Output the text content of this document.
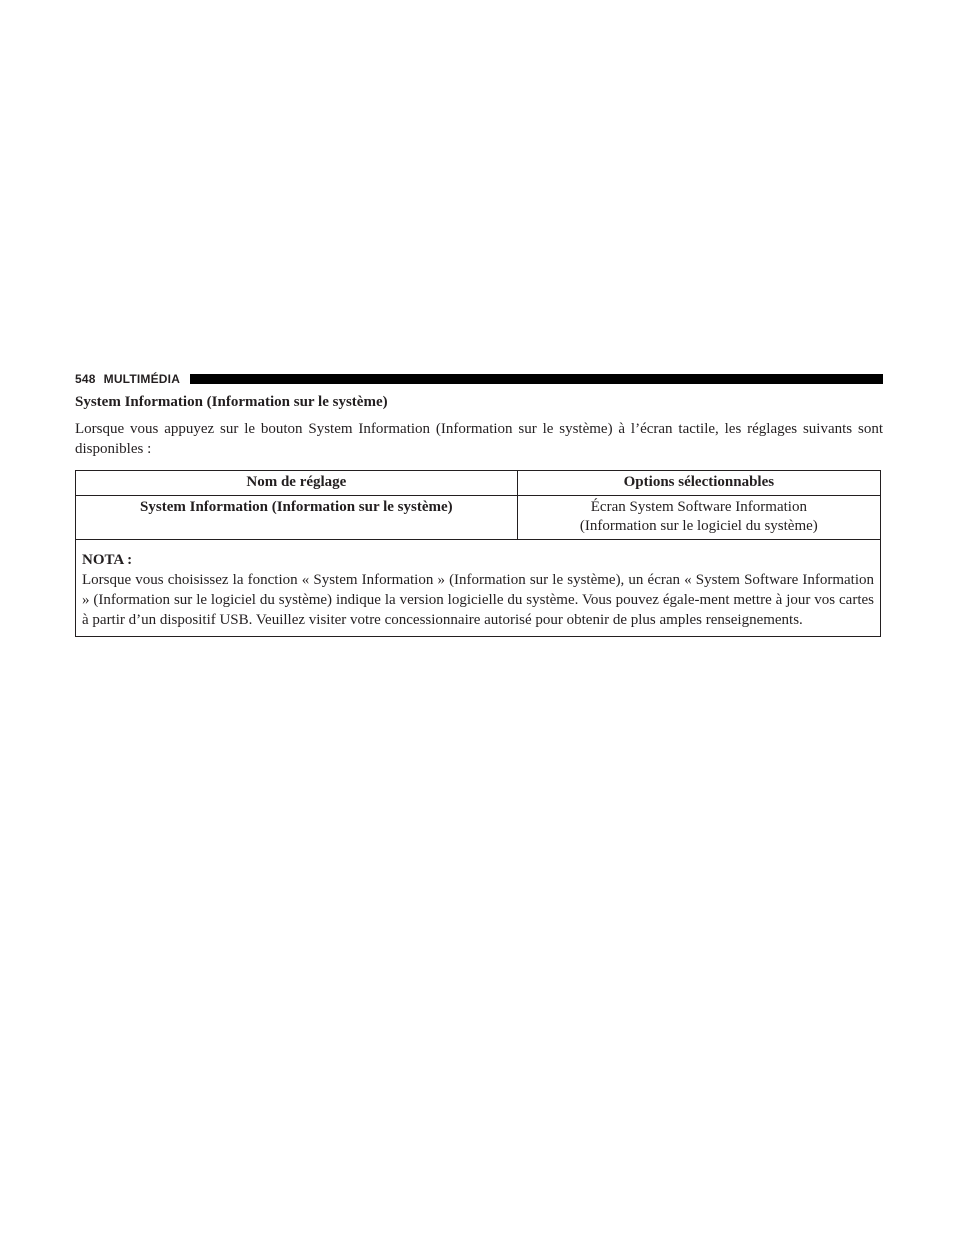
548 MULTIMÉDIA

System Information (Information sur le système)

Lorsque vous appuyez sur le bouton System Information (Information sur le système) à l’écran tactile, les réglages suivants sont disponibles :

Nom de réglage	Options sélectionnables
System Information (Information sur le système)	Écran System Software Information
(Information sur le logiciel du système)

NOTA :
Lorsque vous choisissez la fonction « System Information » (Information sur le système), un écran « System Software Information » (Information sur le logiciel du système) indique la version logicielle du système. Vous pouvez égale-ment mettre à jour vos cartes à partir d’un dispositif USB. Veuillez visiter votre concessionnaire autorisé pour obtenir de plus amples renseignements.	
